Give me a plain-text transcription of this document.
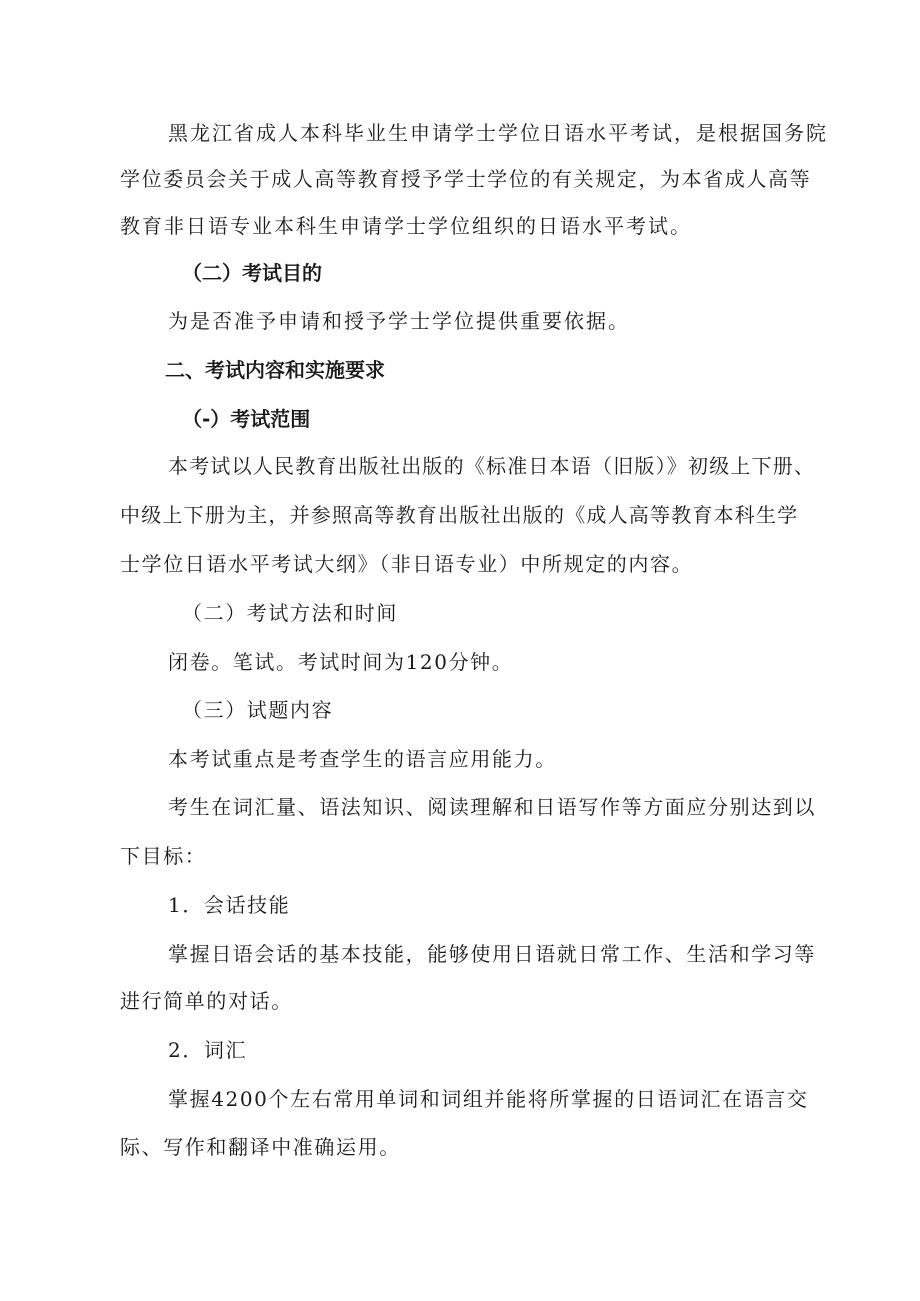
黑龙江省成人本科毕业生申请学士学位日语水平考试，是根据国务院
学位委员会关于成人高等教育授予学士学位的有关规定，为本省成人高等
教育非日语专业本科生申请学士学位组织的日语水平考试。
（二）考试目的
为是否准予申请和授予学士学位提供重要依据。
二、考试内容和实施要求
（-）考试范围
本考试以人民教育出版社出版的《标准日本语（旧版）》初级上下册、
中级上下册为主，并参照高等教育出版社出版的《成人高等教育本科生学
士学位日语水平考试大纲》（非日语专业）中所规定的内容。
（二）考试方法和时间
闭卷。笔试。考试时间为120分钟。
（三）试题内容
本考试重点是考查学生的语言应用能力。
考生在词汇量、语法知识、阅读理解和日语写作等方面应分别达到以
下目标：
1．会话技能
掌握日语会话的基本技能，能够使用日语就日常工作、生活和学习等
进行简单的对话。
2．词汇
掌握4200个左右常用单词和词组并能将所掌握的日语词汇在语言交
际、写作和翻译中准确运用。
